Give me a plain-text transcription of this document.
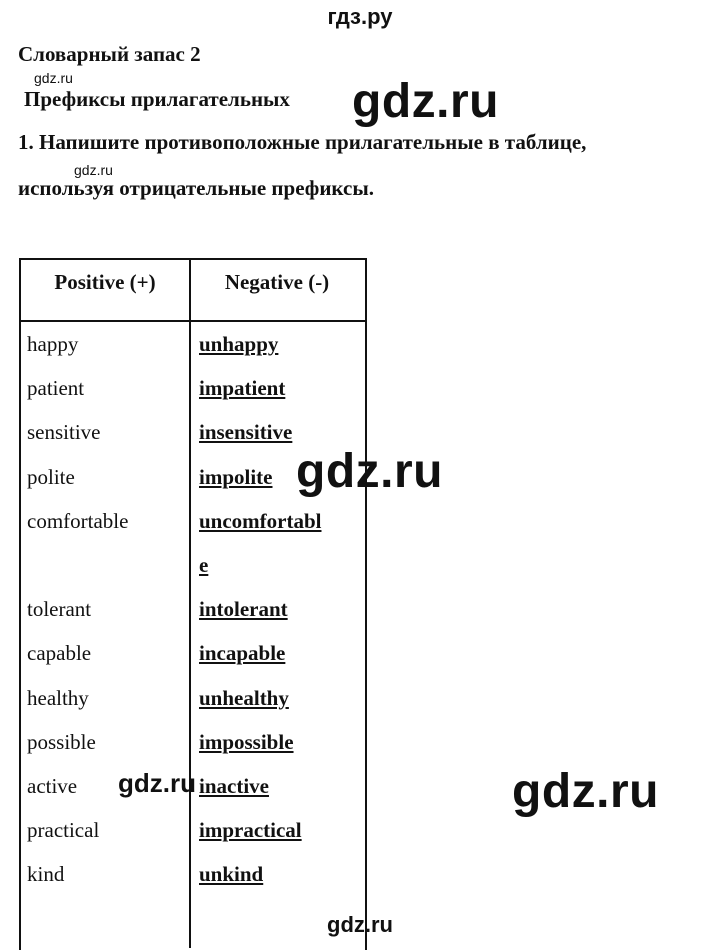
гдз.ру
Словарный запас 2
gdz.ru
Префиксы прилагательных gdz.ru
1. Напишите противоположные прилагательные в таблице,
gdz.ru
используя отрицательные префиксы.
Positive (+)	Negative (-)
happy	unhappy
patient	impatient
sensitive	insensitive
polite	impolite
comfortable	uncomfortabl
e
tolerant	intolerant
capable	incapable
healthy	unhealthy
possible	impossible
active	inactive
practical	impractical
kind	unkind
gdz.ru
gdz.ru	gdz.ru
gdz.ru
